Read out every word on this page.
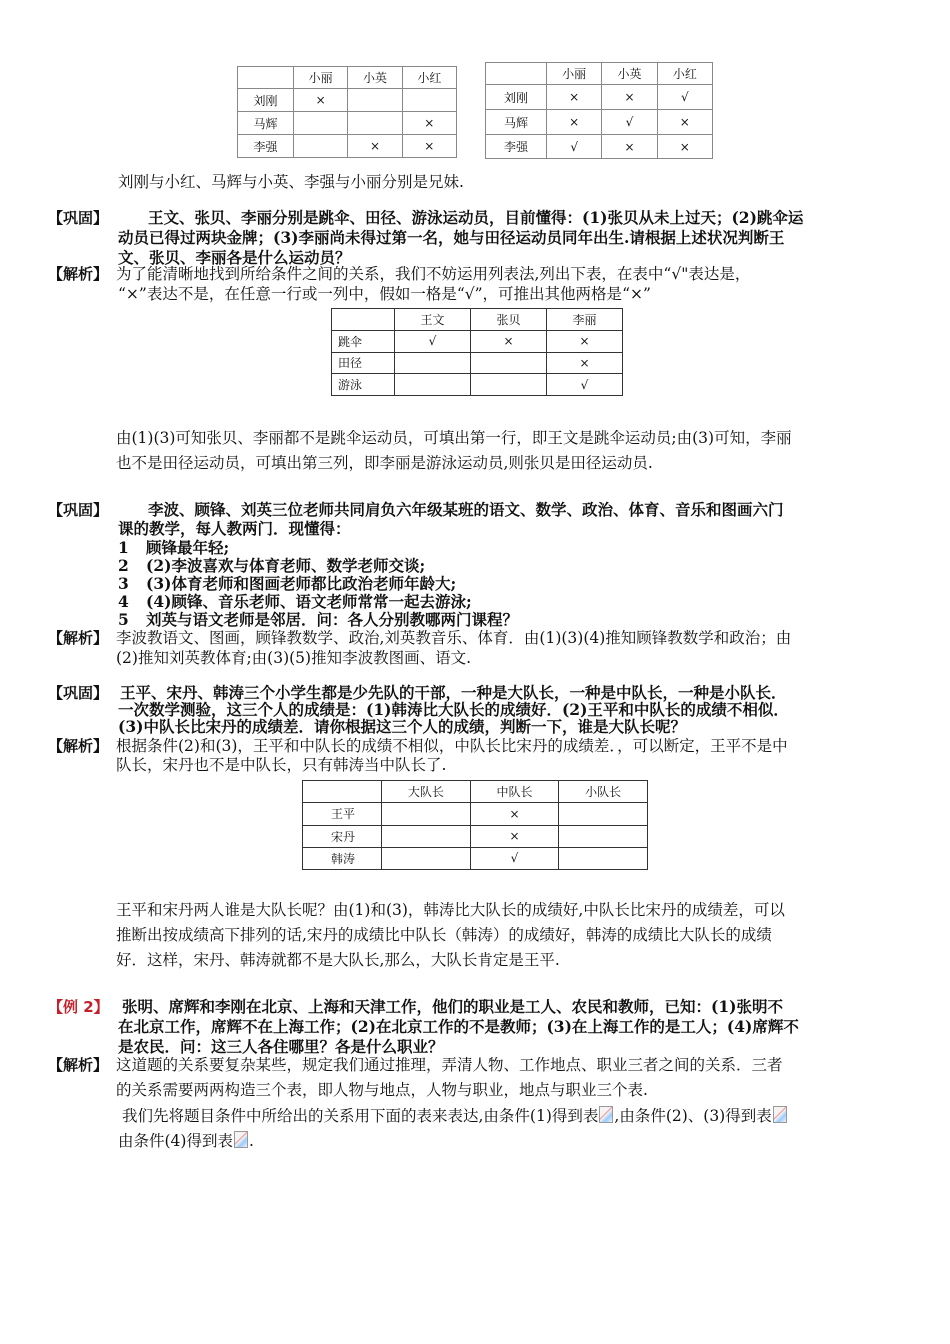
	小丽	小英	小红
刘刚	×		
马辉			×
李强		×	×
	小丽	小英	小红
刘刚	×	×	√
马辉	×	√	×
李强	√	×	×
刘刚与小红、马辉与小英、李强与小丽分别是兄妹.
【巩固】	王文、张贝、李丽分别是跳伞、田径、游泳运动员，目前懂得：(1)张贝从未上过天；(2)跳伞运
动员已得过两块金牌；(3)李丽尚未得过第一名，她与田径运动员同年出生.请根据上述状况判断王
文、张贝、李丽各是什么运动员？
【解析】 为了能清晰地找到所给条件之间的关系，我们不妨运用列表法,列出下表，在表中“√"表达是，
“×”表达不是，在任意一行或一列中，假如一格是“√”，可推出其他两格是“×”
	王文	张贝	李丽
跳伞	√	×	×
田径			×
游泳			√
由(1)(3)可知张贝、李丽都不是跳伞运动员，可填出第一行，即王文是跳伞运动员;由(3)可知，李丽
也不是田径运动员，可填出第三列，即李丽是游泳运动员,则张贝是田径运动员.
【巩固】	李波、顾锋、刘英三位老师共同肩负六年级某班的语文、数学、政治、体育、音乐和图画六门
课的教学，每人教两门．现懂得：
1 顾锋最年轻;
2 (2)李波喜欢与体育老师、数学老师交谈;
3 (3)体育老师和图画老师都比政治老师年龄大;
4 (4)顾锋、音乐老师、语文老师常常一起去游泳;
5 刘英与语文老师是邻居．问：各人分别教哪两门课程？
【解析】 李波教语文、图画，顾锋教数学、政治,刘英教音乐、体育．由(1)(3)(4)推知顾锋教数学和政治；由
(2)推知刘英教体育;由(3)(5)推知李波教图画、语文.
【巩固】 王平、宋丹、韩涛三个小学生都是少先队的干部，一种是大队长，一种是中队长，一种是小队长．
一次数学测验，这三个人的成绩是：(1)韩涛比大队长的成绩好．(2)王平和中队长的成绩不相似．
(3)中队长比宋丹的成绩差．请你根据这三个人的成绩，判断一下，谁是大队长呢？
【解析】 根据条件(2)和(3)，王平和中队长的成绩不相似，中队长比宋丹的成绩差．，可以断定，王平不是中
队长，宋丹也不是中队长，只有韩涛当中队长了.
	大队长	中队长	小队长
王平		×	
宋丹		×	
韩涛		√	
王平和宋丹两人谁是大队长呢？由(1)和(3)，韩涛比大队长的成绩好,中队长比宋丹的成绩差，可以
推断出按成绩高下排列的话,宋丹的成绩比中队长（韩涛）的成绩好，韩涛的成绩比大队长的成绩
好．这样，宋丹、韩涛就都不是大队长,那么，大队长肯定是王平.
【例 2】 张明、席辉和李刚在北京、上海和天津工作，他们的职业是工人、农民和教师，已知：(1)张明不
在北京工作，席辉不在上海工作；(2)在北京工作的不是教师；(3)在上海工作的是工人；(4)席辉不
是农民．问：这三人各住哪里？各是什么职业？
【解析】 这道题的关系要复杂某些，规定我们通过推理，弄清人物、工作地点、职业三者之间的关系．三者
的关系需要两两构造三个表，即人物与地点，人物与职业，地点与职业三个表.
我们先将题目条件中所给出的关系用下面的表来表达,由条件(1)得到表 ,由条件(2)、(3)得到表
由条件(4)得到表 .
